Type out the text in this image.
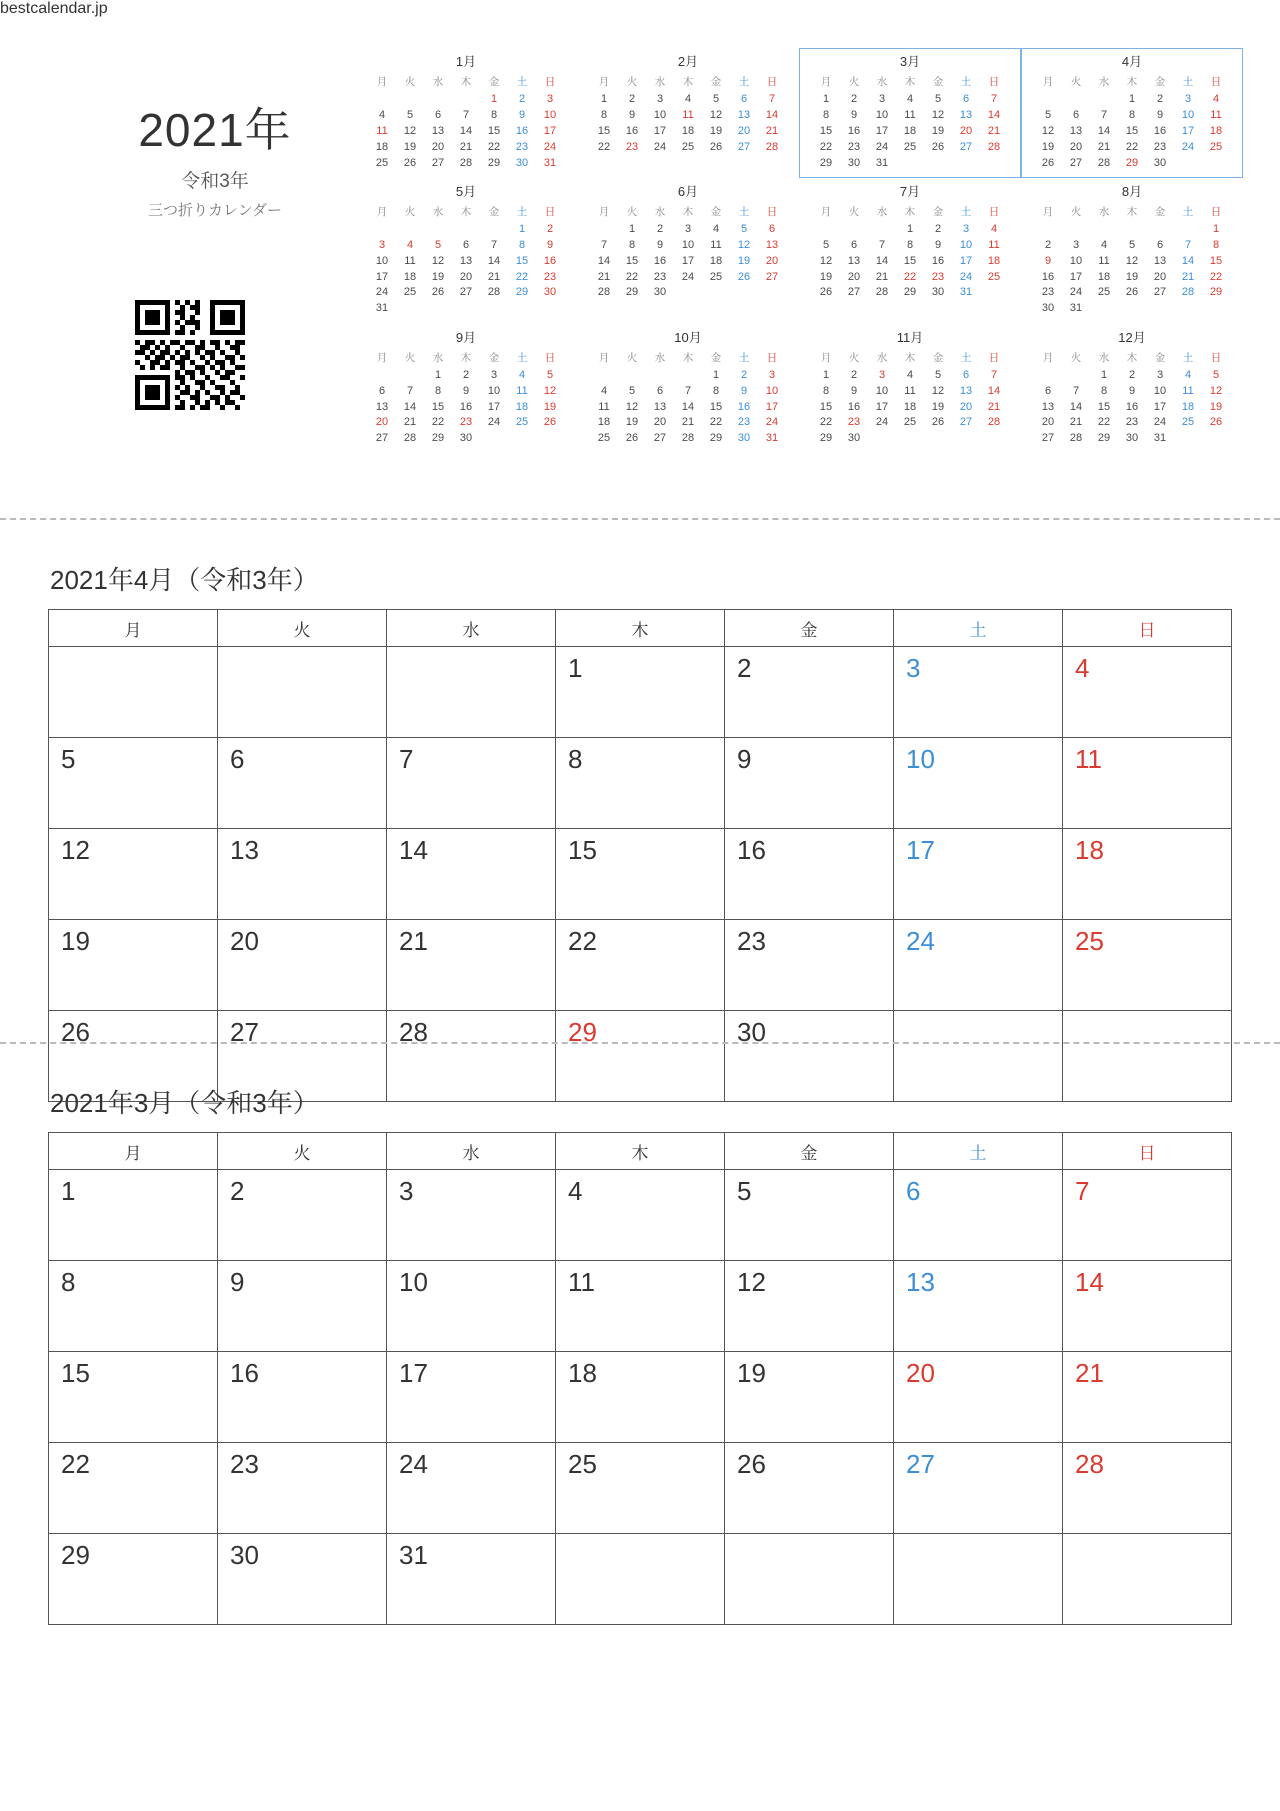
2021年
令和3年
三つ折りカレンダー
bestcalendar.jp
1月
月	火	水	木	金	土	日
				1	2	3
4	5	6	7	8	9	10
11	12	13	14	15	16	17
18	19	20	21	22	23	24
25	26	27	28	29	30	31
2月
月	火	水	木	金	土	日
1	2	3	4	5	6	7
8	9	10	11	12	13	14
15	16	17	18	19	20	21
22	23	24	25	26	27	28
3月
月	火	水	木	金	土	日
1	2	3	4	5	6	7
8	9	10	11	12	13	14
15	16	17	18	19	20	21
22	23	24	25	26	27	28
29	30	31				
4月
月	火	水	木	金	土	日
			1	2	3	4
5	6	7	8	9	10	11
12	13	14	15	16	17	18
19	20	21	22	23	24	25
26	27	28	29	30		
5月
月	火	水	木	金	土	日
					1	2
3	4	5	6	7	8	9
10	11	12	13	14	15	16
17	18	19	20	21	22	23
24	25	26	27	28	29	30
31						
6月
月	火	水	木	金	土	日
	1	2	3	4	5	6
7	8	9	10	11	12	13
14	15	16	17	18	19	20
21	22	23	24	25	26	27
28	29	30				
7月
月	火	水	木	金	土	日
			1	2	3	4
5	6	7	8	9	10	11
12	13	14	15	16	17	18
19	20	21	22	23	24	25
26	27	28	29	30	31	
8月
月	火	水	木	金	土	日
						1
2	3	4	5	6	7	8
9	10	11	12	13	14	15
16	17	18	19	20	21	22
23	24	25	26	27	28	29
30	31					
9月
月	火	水	木	金	土	日
		1	2	3	4	5
6	7	8	9	10	11	12
13	14	15	16	17	18	19
20	21	22	23	24	25	26
27	28	29	30			
10月
月	火	水	木	金	土	日
				1	2	3
4	5	6	7	8	9	10
11	12	13	14	15	16	17
18	19	20	21	22	23	24
25	26	27	28	29	30	31
11月
月	火	水	木	金	土	日
1	2	3	4	5	6	7
8	9	10	11	12	13	14
15	16	17	18	19	20	21
22	23	24	25	26	27	28
29	30					
12月
月	火	水	木	金	土	日
		1	2	3	4	5
6	7	8	9	10	11	12
13	14	15	16	17	18	19
20	21	22	23	24	25	26
27	28	29	30	31		
2021年4月（令和3年）
月	火	水	木	金	土	日
			1	2	3	4
5	6	7	8	9	10	11
12	13	14	15	16	17	18
19	20	21	22	23	24	25
26	27	28	29	30		
2021年3月（令和3年）
月	火	水	木	金	土	日
1	2	3	4	5	6	7
8	9	10	11	12	13	14
15	16	17	18	19	20	21
22	23	24	25	26	27	28
29	30	31				
